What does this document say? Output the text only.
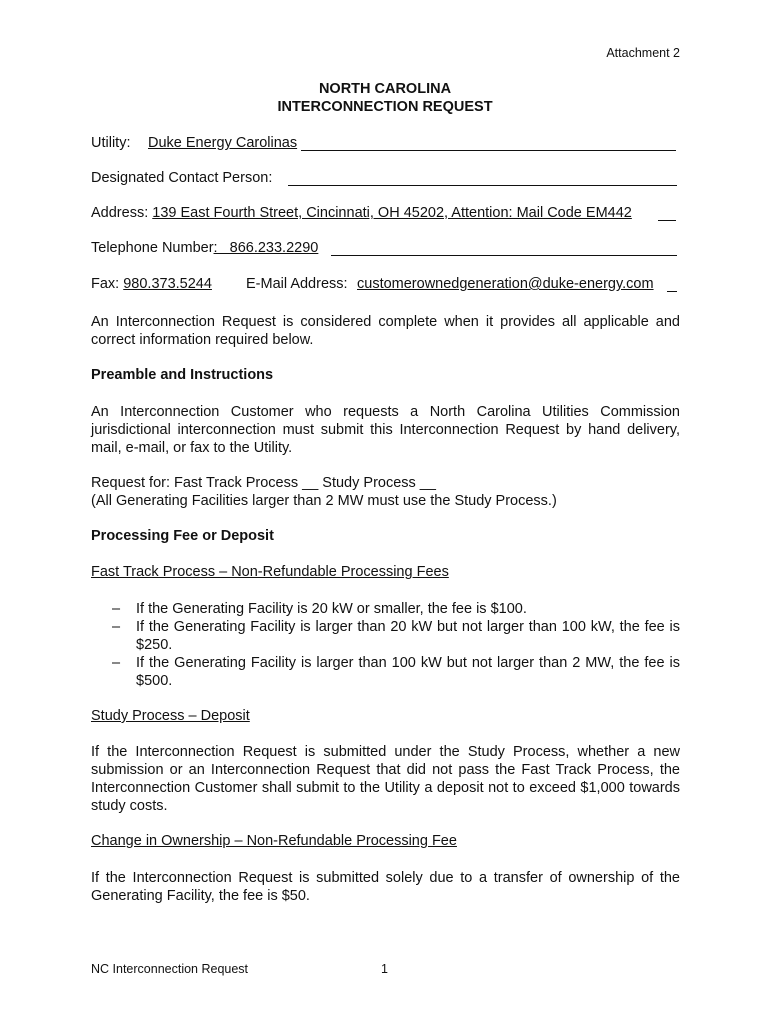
Attachment 2
NORTH CAROLINA
INTERCONNECTION REQUEST
Utility: Duke Energy Carolinas
Designated Contact Person:
Address: 139 East Fourth Street, Cincinnati, OH 45202, Attention: Mail Code EM442
Telephone Number:   866.233.2290
Fax: 980.373.5244 E-Mail Address: customerownedgeneration@duke-energy.com
An Interconnection Request is considered complete when it provides all applicable and correct information required below.
Preamble and Instructions
An Interconnection Customer who requests a North Carolina Utilities Commission jurisdictional interconnection must submit this Interconnection Request by hand delivery, mail, e-mail, or fax to the Utility.
Request for: Fast Track Process __ Study Process __
(All Generating Facilities larger than 2 MW must use the Study Process.)
Processing Fee or Deposit
Fast Track Process – Non-Refundable Processing Fees
–	If the Generating Facility is 20 kW or smaller, the fee is $100.
–	If the Generating Facility is larger than 20 kW but not larger than 100 kW, the fee is $250.
–	If the Generating Facility is larger than 100 kW but not larger than 2 MW, the fee is $500.
Study Process – Deposit
If the Interconnection Request is submitted under the Study Process, whether a new submission or an Interconnection Request that did not pass the Fast Track Process, the Interconnection Customer shall submit to the Utility a deposit not to exceed $1,000 towards study costs.
Change in Ownership – Non-Refundable Processing Fee
If the Interconnection Request is submitted solely due to a transfer of ownership of the Generating Facility, the fee is $50.
NC Interconnection Request	1
